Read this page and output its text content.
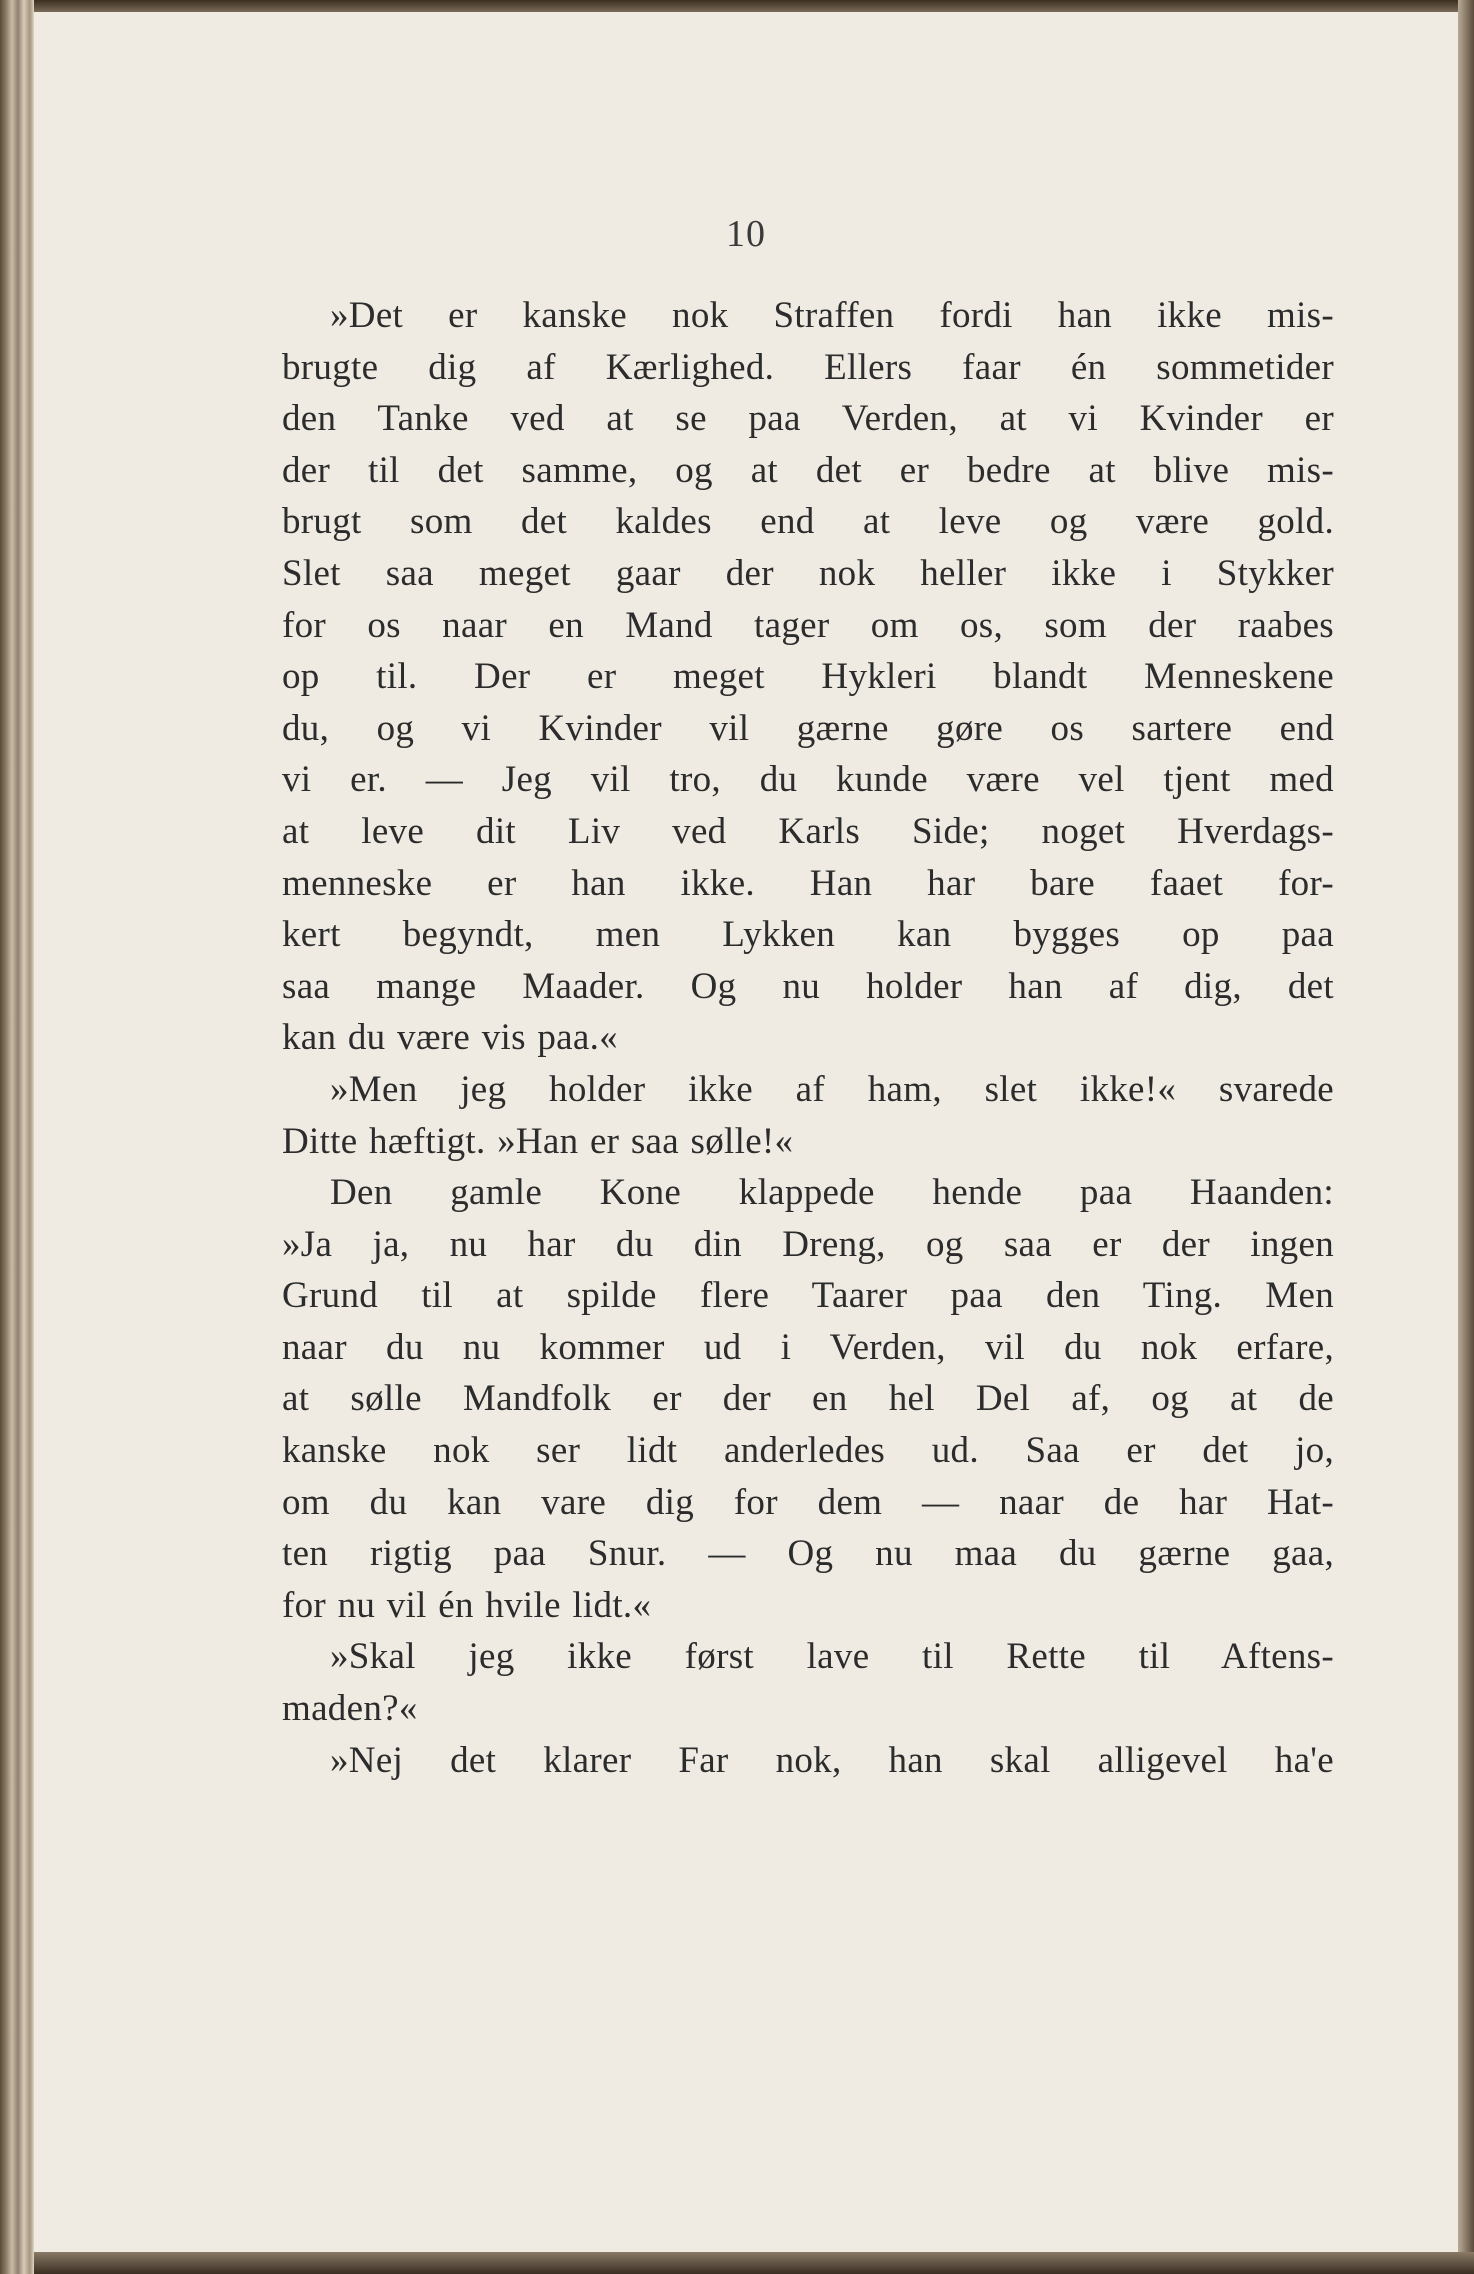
10
»Det er kanske nok Straffen fordi han ikke mis-
brugte dig af Kærlighed. Ellers faar én sommetider
den Tanke ved at se paa Verden, at vi Kvinder er
der til det samme, og at det er bedre at blive mis-
brugt som det kaldes end at leve og være gold.
Slet saa meget gaar der nok heller ikke i Stykker
for os naar en Mand tager om os, som der raabes
op til. Der er meget Hykleri blandt Menneskene
du, og vi Kvinder vil gærne gøre os sartere end
vi er. — Jeg vil tro, du kunde være vel tjent med
at leve dit Liv ved Karls Side; noget Hverdags-
menneske er han ikke. Han har bare faaet for-
kert begyndt, men Lykken kan bygges op paa
saa mange Maader. Og nu holder han af dig, det
kan du være vis paa.«
»Men jeg holder ikke af ham, slet ikke!« svarede
Ditte hæftigt. »Han er saa sølle!«
Den gamle Kone klappede hende paa Haanden:
»Ja ja, nu har du din Dreng, og saa er der ingen
Grund til at spilde flere Taarer paa den Ting. Men
naar du nu kommer ud i Verden, vil du nok erfare,
at sølle Mandfolk er der en hel Del af, og at de
kanske nok ser lidt anderledes ud. Saa er det jo,
om du kan vare dig for dem — naar de har Hat-
ten rigtig paa Snur. — Og nu maa du gærne gaa,
for nu vil én hvile lidt.«
»Skal jeg ikke først lave til Rette til Aftens-
maden?«
»Nej det klarer Far nok, han skal alligevel ha'e
